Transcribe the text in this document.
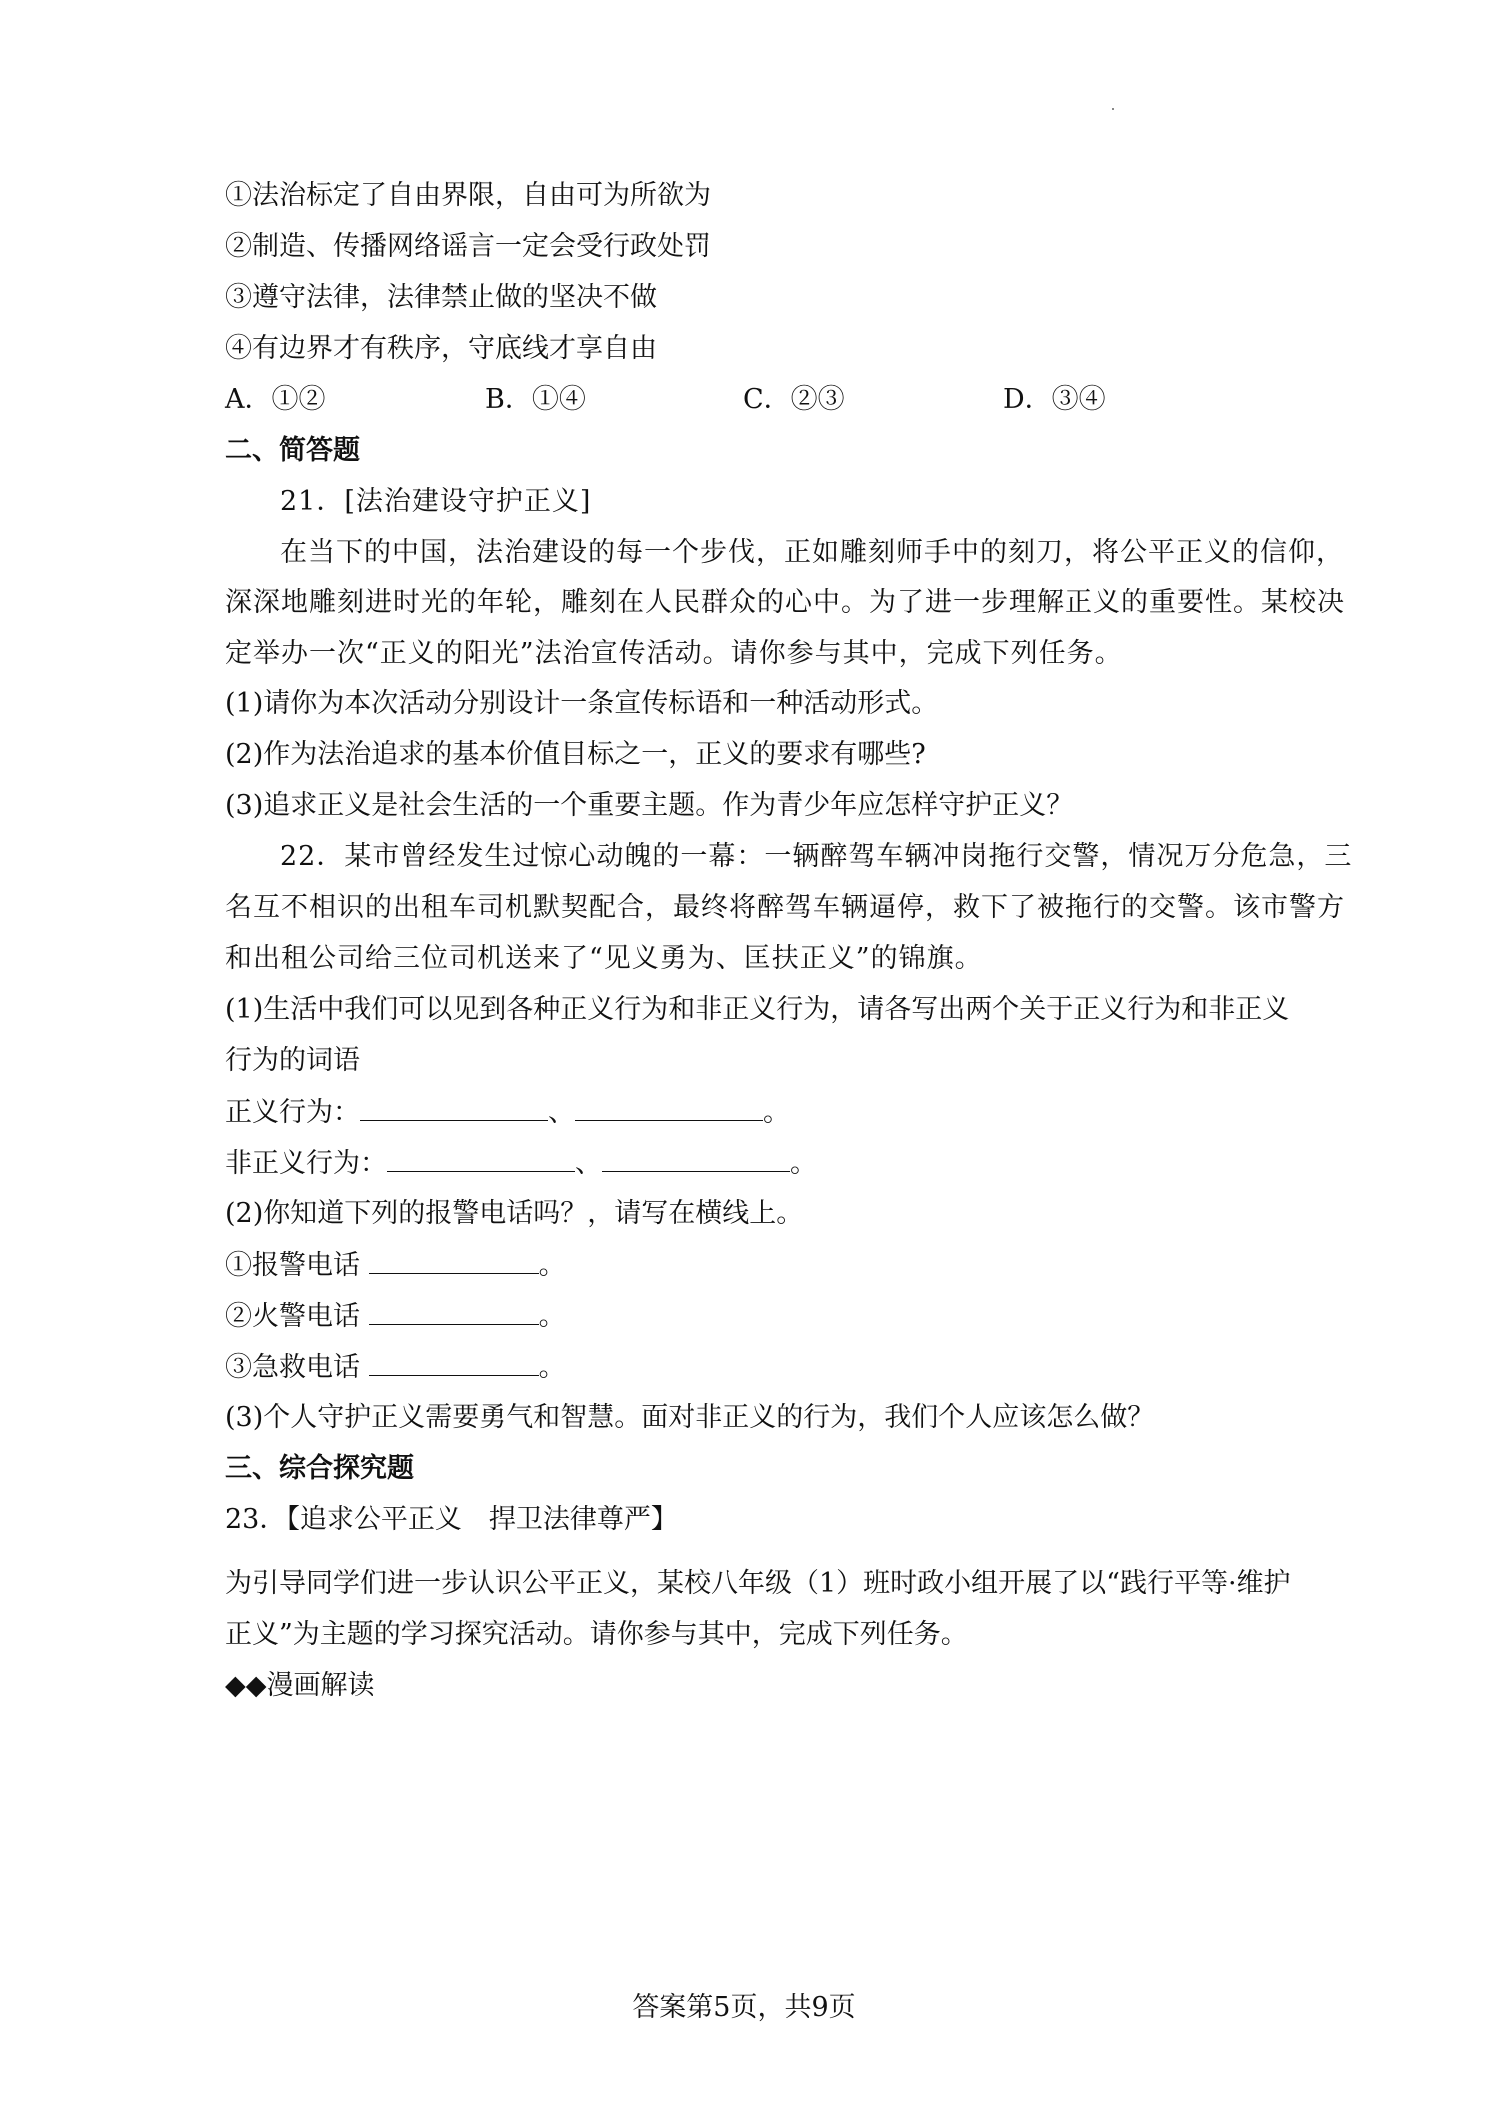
①法治标定了自由界限，自由可为所欲为
②制造、传播网络谣言一定会受行政处罚
③遵守法律，法律禁止做的坚决不做
④有边界才有秩序，守底线才享自由
A．①②	B．①④	C．②③	D．③④
二、简答题
21．[法治建设守护正义]
在当下的中国，法治建设的每一个步伐，正如雕刻师手中的刻刀，将公平正义的信仰，
深深地雕刻进时光的年轮，雕刻在人民群众的心中。为了进一步理解正义的重要性。某校决
定举办一次“正义的阳光”法治宣传活动。请你参与其中，完成下列任务。
(1)请你为本次活动分别设计一条宣传标语和一种活动形式。
(2)作为法治追求的基本价值目标之一，正义的要求有哪些?
(3)追求正义是社会生活的一个重要主题。作为青少年应怎样守护正义？
22．某市曾经发生过惊心动魄的一幕：一辆醉驾车辆冲岗拖行交警，情况万分危急，三
名互不相识的出租车司机默契配合，最终将醉驾车辆逼停，救下了被拖行的交警。该市警方
和出租公司给三位司机送来了“见义勇为、匡扶正义”的锦旗。
(1)生活中我们可以见到各种正义行为和非正义行为，请各写出两个关于正义行为和非正义
行为的词语
正义行为：	、	。
非正义行为：	、	。
(2)你知道下列的报警电话吗？，请写在横线上。
①报警电话	。
②火警电话	。
③急救电话	。
(3)个人守护正义需要勇气和智慧。面对非正义的行为，我们个人应该怎么做？
三、综合探究题
23．【追求公平正义　捍卫法律尊严】
为引导同学们进一步认识公平正义，某校八年级（1）班时政小组开展了以“践行平等·维护
正义”为主题的学习探究活动。请你参与其中，完成下列任务。
◆◆漫画解读
答案第5页，共9页
